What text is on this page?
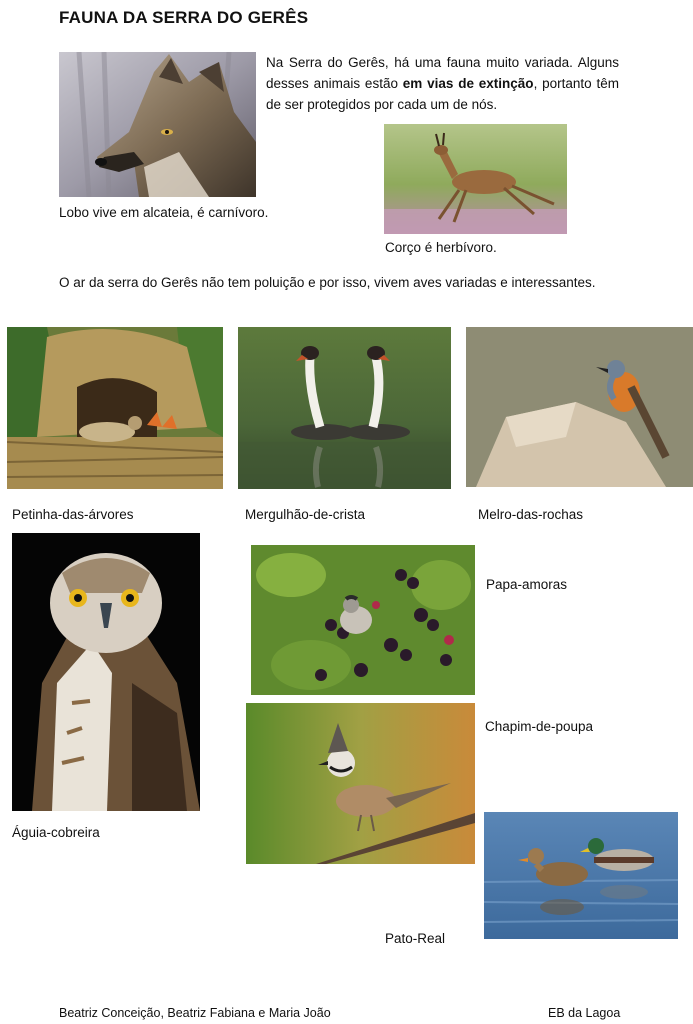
FAUNA DA SERRA DO GERÊS
Na Serra do Gerês, há uma fauna muito variada. Alguns desses animais estão em vias de extinção, portanto têm de ser protegidos por cada um de nós.
Lobo vive em alcateia, é carnívoro.
Corço é herbívoro.
O ar da serra do Gerês não tem poluição e por isso, vivem aves variadas e interessantes.
Petinha-das-árvores	Mergulhão-de-crista	Melro-das-rochas
Papa-amoras
Chapim-de-poupa
Águia-cobreira
Pato-Real
Beatriz Conceição, Beatriz Fabiana e Maria João	EB da Lagoa
